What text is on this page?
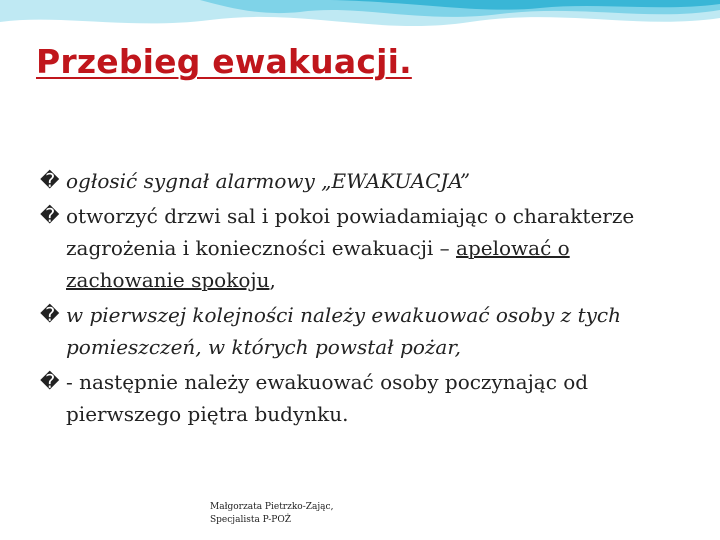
Przebieg ewakuacji.
� ogłosić sygnał alarmowy „EWAKUACJA”
� otworzyć drzwi sal i pokoi powiadamiając o charakterze zagrożenia i konieczności ewakuacji – apelować o zachowanie spokoju,
� w pierwszej kolejności należy ewakuować osoby z tych pomieszczeń, w których powstał pożar,
� - następnie należy ewakuować osoby poczynając od pierwszego piętra budynku.
Małgorzata Pietrzko-Zając,
Specjalista P-POŻ
